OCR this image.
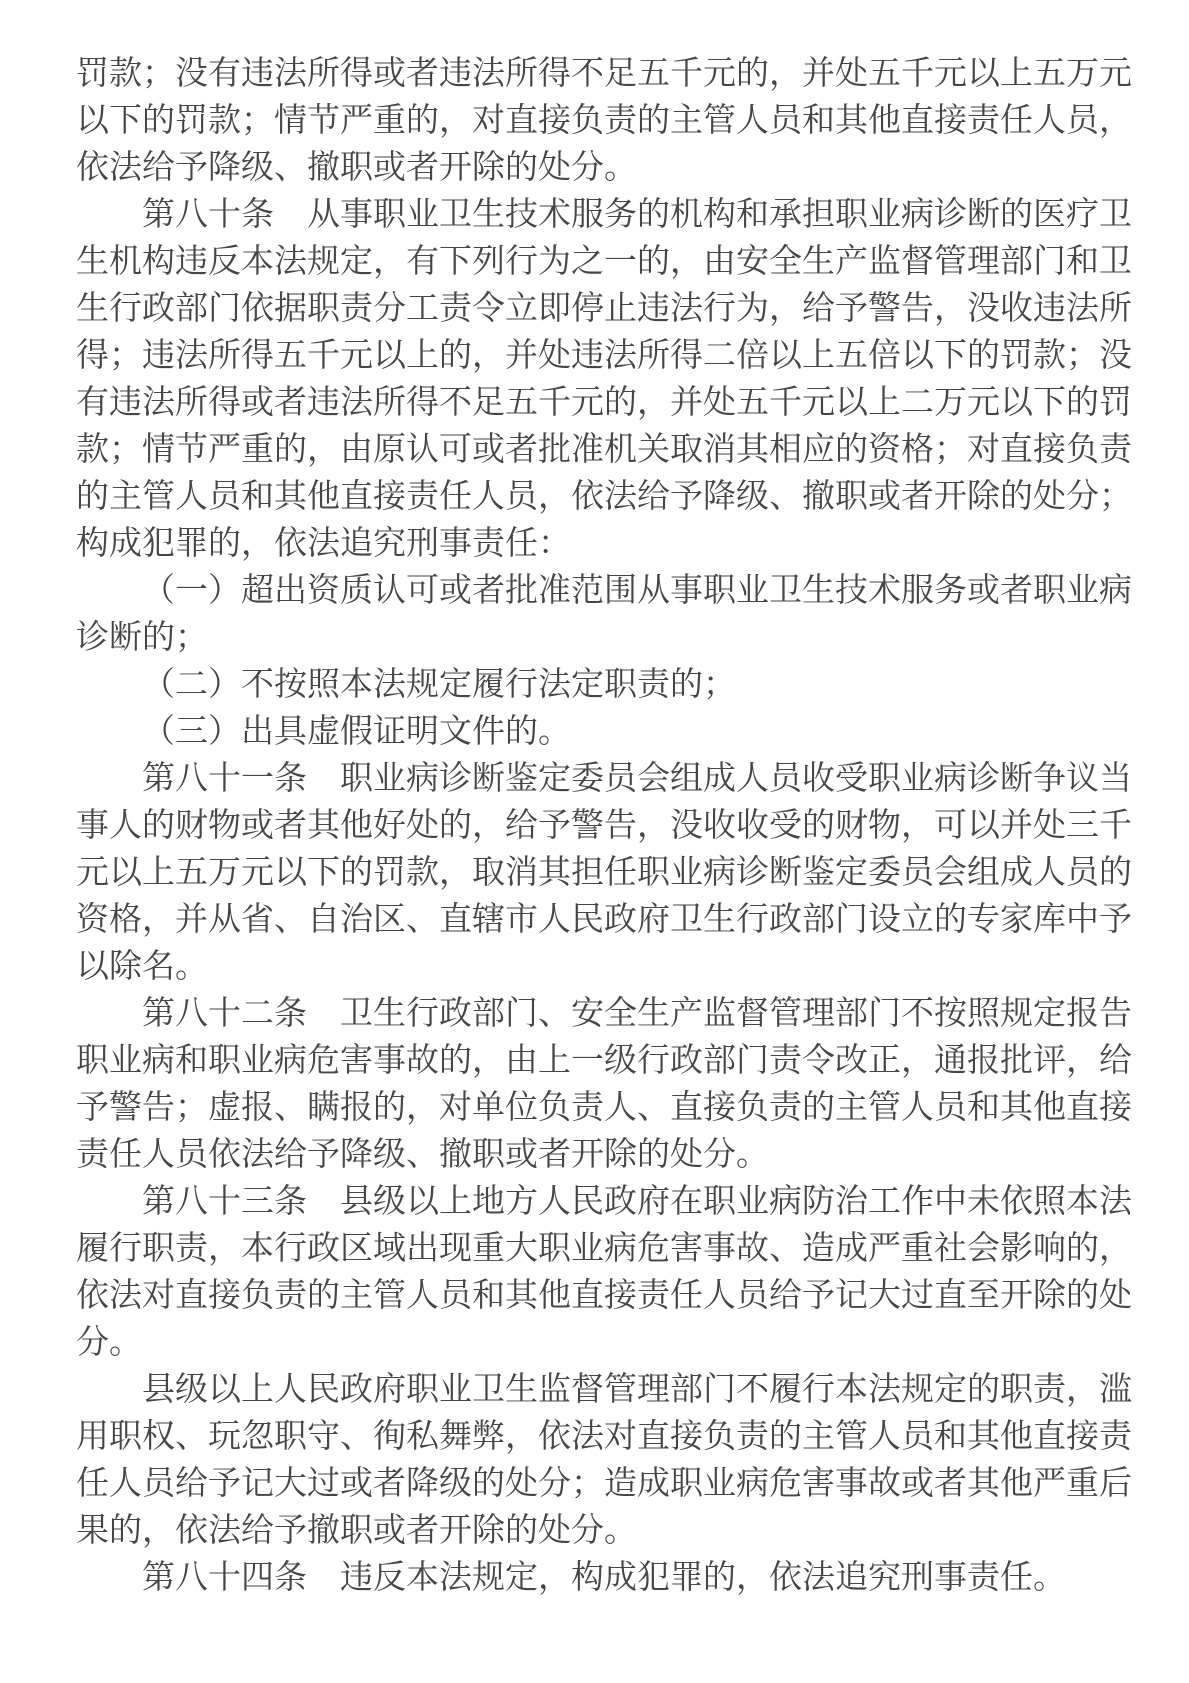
罚款；没有违法所得或者违法所得不足五千元的，并处五千元以上五万元以下的罚款；情节严重的，对直接负责的主管人员和其他直接责任人员，依法给予降级、撤职或者开除的处分。

第八十条　从事职业卫生技术服务的机构和承担职业病诊断的医疗卫生机构违反本法规定，有下列行为之一的，由安全生产监督管理部门和卫生行政部门依据职责分工责令立即停止违法行为，给予警告，没收违法所得；违法所得五千元以上的，并处违法所得二倍以上五倍以下的罚款；没有违法所得或者违法所得不足五千元的，并处五千元以上二万元以下的罚款；情节严重的，由原认可或者批准机关取消其相应的资格；对直接负责的主管人员和其他直接责任人员，依法给予降级、撤职或者开除的处分；构成犯罪的，依法追究刑事责任：

（一）超出资质认可或者批准范围从事职业卫生技术服务或者职业病诊断的；

（二）不按照本法规定履行法定职责的；

（三）出具虚假证明文件的。

第八十一条　职业病诊断鉴定委员会组成人员收受职业病诊断争议当事人的财物或者其他好处的，给予警告，没收收受的财物，可以并处三千元以上五万元以下的罚款，取消其担任职业病诊断鉴定委员会组成人员的资格，并从省、自治区、直辖市人民政府卫生行政部门设立的专家库中予以除名。

第八十二条　卫生行政部门、安全生产监督管理部门不按照规定报告职业病和职业病危害事故的，由上一级行政部门责令改正，通报批评，给予警告；虚报、瞒报的，对单位负责人、直接负责的主管人员和其他直接责任人员依法给予降级、撤职或者开除的处分。

第八十三条　县级以上地方人民政府在职业病防治工作中未依照本法履行职责，本行政区域出现重大职业病危害事故、造成严重社会影响的，依法对直接负责的主管人员和其他直接责任人员给予记大过直至开除的处分。

县级以上人民政府职业卫生监督管理部门不履行本法规定的职责，滥用职权、玩忽职守、徇私舞弊，依法对直接负责的主管人员和其他直接责任人员给予记大过或者降级的处分；造成职业病危害事故或者其他严重后果的，依法给予撤职或者开除的处分。

第八十四条　违反本法规定，构成犯罪的，依法追究刑事责任。
